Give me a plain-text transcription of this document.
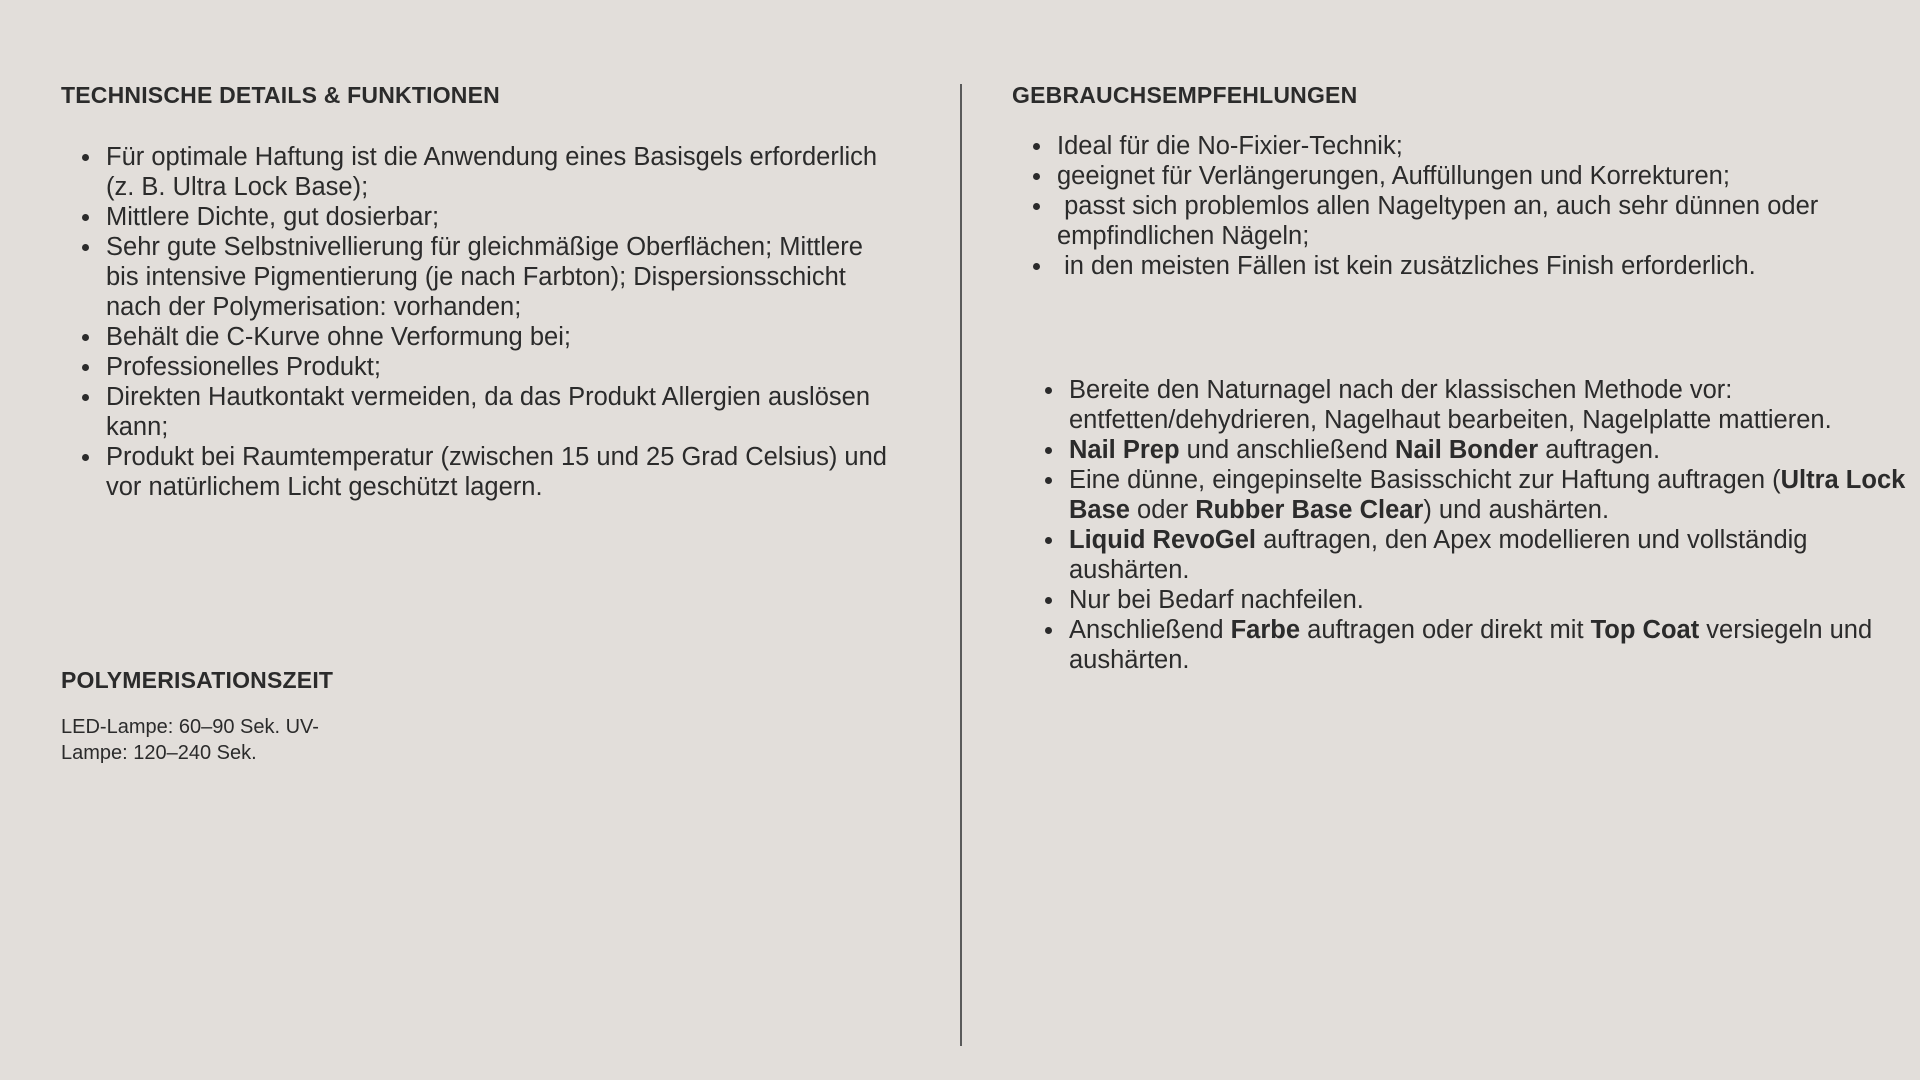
TECHNISCHE DETAILS & FUNKTIONEN
Für optimale Haftung ist die Anwendung eines Basisgels erforderlich (z. B. Ultra Lock Base);
Mittlere Dichte, gut dosierbar;
Sehr gute Selbstnivellierung für gleichmäßige Oberflächen; Mittlere bis intensive Pigmentierung (je nach Farbton); Dispersionsschicht nach der Polymerisation: vorhanden;
Behält die C-Kurve ohne Verformung bei;
Professionelles Produkt;
Direkten Hautkontakt vermeiden, da das Produkt Allergien auslösen kann;
Produkt bei Raumtemperatur (zwischen 15 und 25 Grad Celsius) und vor natürlichem Licht geschützt lagern.
POLYMERISATIONSZEIT

LED-Lampe: 60–90 Sek. UV-Lampe: 120–240 Sek.

GEBRAUCHSEMPFEHLUNGEN
Ideal für die No-Fixier-Technik;
geeignet für Verlängerungen, Auffüllungen und Korrekturen;
passt sich problemlos allen Nageltypen an, auch sehr dünnen oder empfindlichen Nägeln;
in den meisten Fällen ist kein zusätzliches Finish erforderlich.
Bereite den Naturnagel nach der klassischen Methode vor: entfetten/dehydrieren, Nagelhaut bearbeiten, Nagelplatte mattieren.
Nail Prep und anschließend Nail Bonder auftragen.
Eine dünne, eingepinselte Basisschicht zur Haftung auftragen (Ultra Lock Base oder Rubber Base Clear) und aushärten.
Liquid RevoGel auftragen, den Apex modellieren und vollständig aushärten.
Nur bei Bedarf nachfeilen.
Anschließend Farbe auftragen oder direkt mit Top Coat versiegeln und aushärten.
